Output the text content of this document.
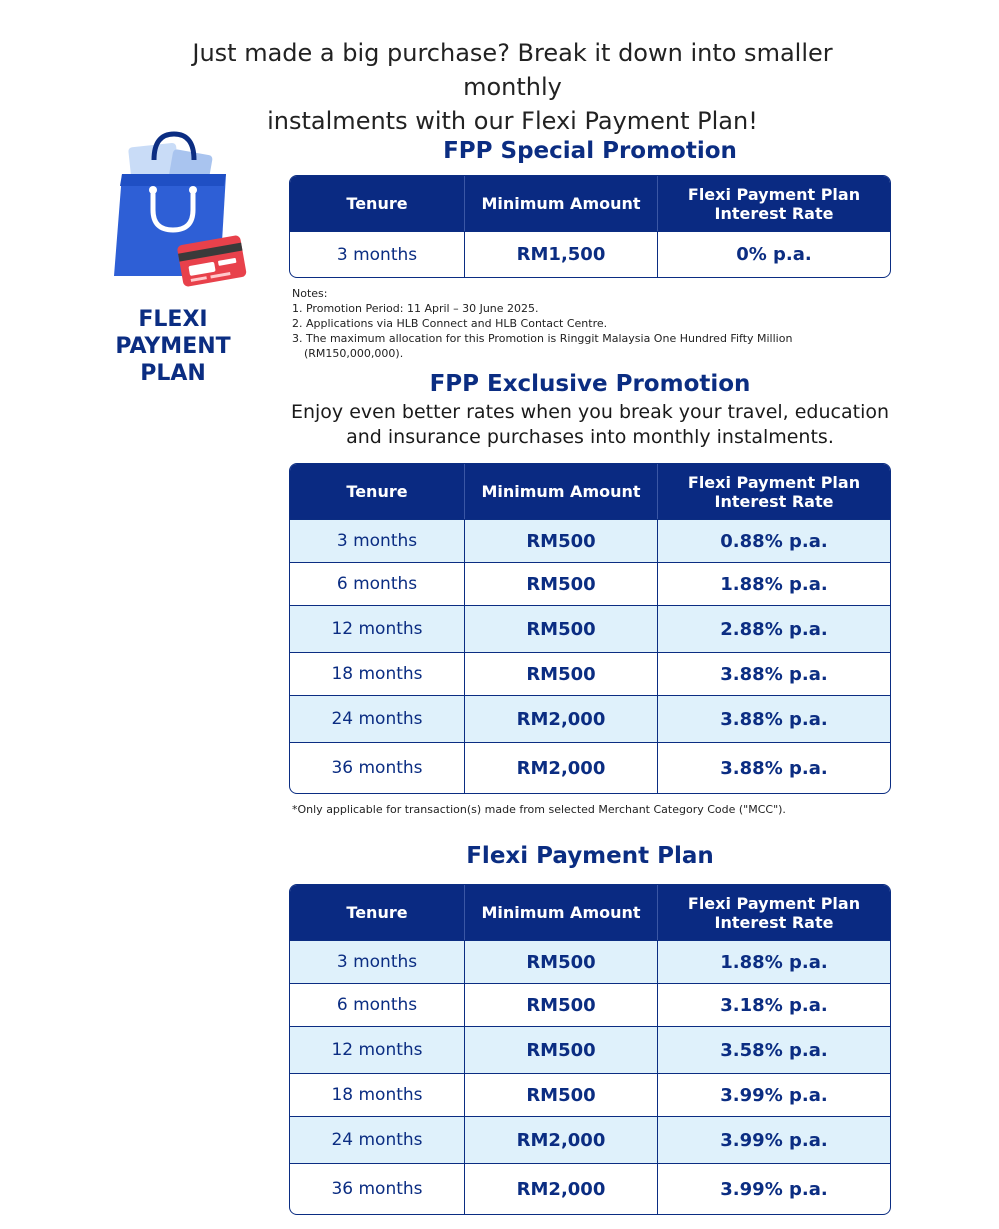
Just made a big purchase? Break it down into smaller monthly
instalments with our Flexi Payment Plan!

FLEXI
PAYMENT
PLAN

FPP Special Promotion
Tenure	Minimum Amount	Flexi Payment Plan
Interest Rate
3 months	RM1,500	0% p.a.
Notes:
1. Promotion Period: 11 April – 30 June 2025.
2. Applications via HLB Connect and HLB Contact Centre.
3. The maximum allocation for this Promotion is Ringgit Malaysia One Hundred Fifty Million
(RM150,000,000).
FPP Exclusive Promotion

Enjoy even better rates when you break your travel, education
and insurance purchases into monthly instalments.

Tenure	Minimum Amount	Flexi Payment Plan
Interest Rate
3 months	RM500	0.88% p.a.
6 months	RM500	1.88% p.a.
12 months	RM500	2.88% p.a.
18 months	RM500	3.88% p.a.
24 months	RM2,000	3.88% p.a.
36 months	RM2,000	3.88% p.a.

*Only applicable for transaction(s) made from selected Merchant Category Code ("MCC").

Flexi Payment Plan
Tenure	Minimum Amount	Flexi Payment Plan
Interest Rate
3 months	RM500	1.88% p.a.
6 months	RM500	3.18% p.a.
12 months	RM500	3.58% p.a.
18 months	RM500	3.99% p.a.
24 months	RM2,000	3.99% p.a.
36 months	RM2,000	3.99% p.a.
